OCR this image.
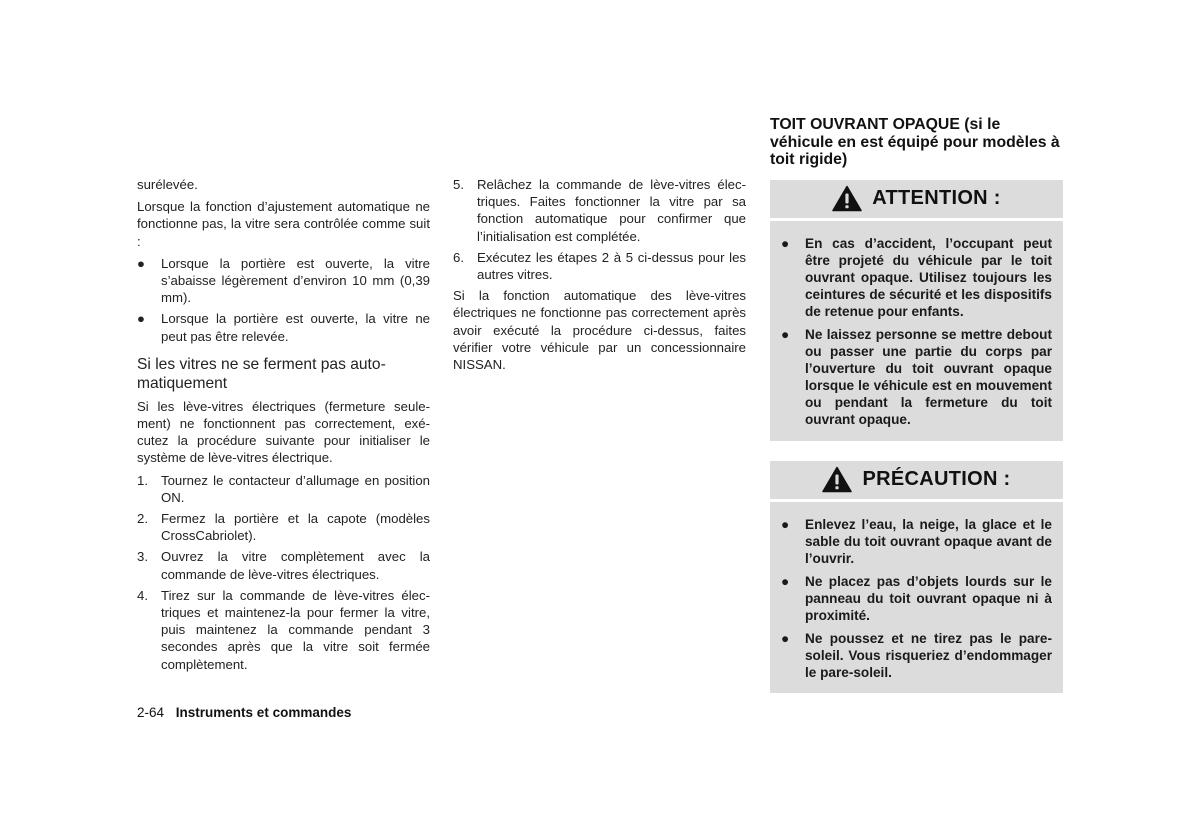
surélevée.

Lorsque la fonction d’ajustement automatique ne fonctionne pas, la vitre sera contrôlée comme suit :

● Lorsque la portière est ouverte, la vitre s’abaisse légèrement d’environ 10 mm (0,39 mm).
● Lorsque la portière est ouverte, la vitre ne peut pas être relevée.
Si les vitres ne se ferment pas automatiquement

Si les lève-vitres électriques (fermeture seulement) ne fonctionnent pas correctement, exécutez la procédure suivante pour initialiser le système de lève-vitres électrique.

1. Tournez le contacteur d’allumage en position ON.
2. Fermez la portière et la capote (modèles CrossCabriolet).
3. Ouvrez la vitre complètement avec la commande de lève-vitres électriques.
4. Tirez sur la commande de lève-vitres électriques et maintenez-la pour fermer la vitre, puis maintenez la commande pendant 3 secondes après que la vitre soit fermée complètement.
5. Relâchez la commande de lève-vitres électriques. Faites fonctionner la vitre par sa fonction automatique pour confirmer que l’initialisation est complétée.
6. Exécutez les étapes 2 à 5 ci-dessus pour les autres vitres.

Si la fonction automatique des lève-vitres électriques ne fonctionne pas correctement après avoir exécuté la procédure ci-dessus, faites vérifier votre véhicule par un concessionnaire NISSAN.

TOIT OUVRANT OPAQUE (si le véhicule en est équipé pour modèles à toit rigide)
ATTENTION :
● En cas d’accident, l’occupant peut être projeté du véhicule par le toit ouvrant opaque. Utilisez toujours les ceintures de sécurité et les dispositifs de retenue pour enfants.
● Ne laissez personne se mettre debout ou passer une partie du corps par l’ouverture du toit ouvrant opaque lorsque le véhicule est en mouvement ou pendant la fermeture du toit ouvrant opaque.
PRÉCAUTION :
● Enlevez l’eau, la neige, la glace et le sable du toit ouvrant opaque avant de l’ouvrir.
● Ne placez pas d’objets lourds sur le panneau du toit ouvrant opaque ni à proximité.
● Ne poussez et ne tirez pas le pare-soleil. Vous risqueriez d’endommager le pare-soleil.
2-64 Instruments et commandes
